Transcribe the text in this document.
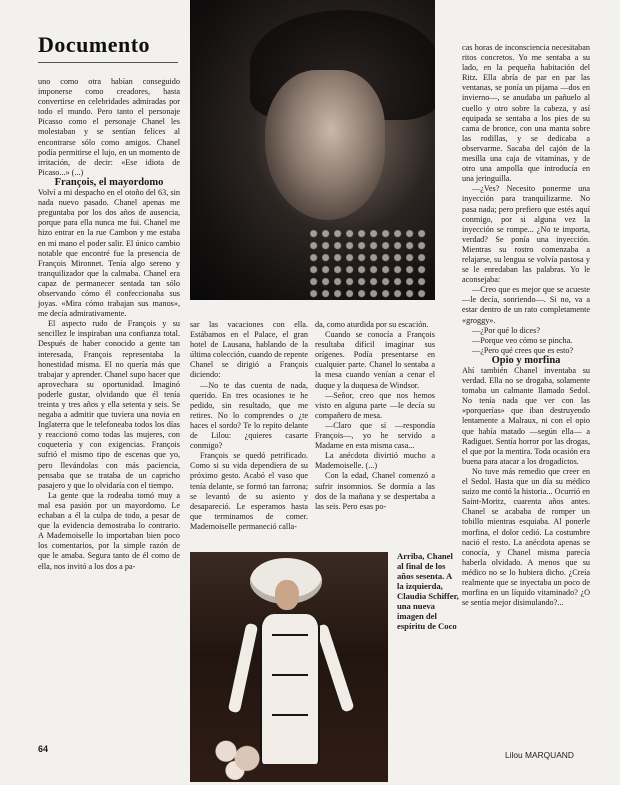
Documento

uno como otra habían conseguido imponerse como creadores, hasta convertirse en celebridades admiradas por todo el mundo. Pero tanto el personaje Picasso como el personaje Chanel les molestaban y se sentían felices al encontrarse sólo como amigos. Chanel podía permitirse el lujo, en un momento de irritación, de decir: «Ese idiota de Picaso...» (...)

François, el mayordomo

Volví a mi despacho en el otoño del 63, sin nada nuevo pasado. Chanel apenas me preguntaba por los dos años de ausencia, porque para ella nunca me fui. Chanel me hizo entrar en la rue Cambon y me estaba en mi mano el poder salir. El único cambio notable que encontré fue la presencia de François Mironnet. Tenía algo sereno y tranquilizador que la calmaba. Chanel era capaz de permanecer sentada tan sólo observando cómo él confeccionaba sus joyas. «Mira cómo trabajan sus manos», me decía admirativamente.

El aspecto rudo de François y su sencillez le inspiraban una confianza total. Después de haber conocido a gente tan interesada, François representaba la honestidad misma. El no quería más que trabajar y aprender. Chanel supo hacer que aprovechara su oportunidad. Imaginó poderle gustar, olvidando que él tenía treinta y tres años y ella setenta y seis. Se negaba a admitir que tuviera una novia en Inglaterra que le telefoneaba todos los días y reaccionó como todas las mujeres, con coquetería y con exigencias. François sufrió el mismo tipo de escenas que yo, pero llevándolas con más paciencia, pensaba que se trataba de un capricho pasajero y que lo olvidaría con el tiempo.

La gente que la rodeaba tomó muy a mal esa pasión por un mayordomo. Le echaban a él la culpa de todo, a pesar de que la evidencia demostraba lo contrario. A Mademoiselle lo importaban bien poco los comentarios, por la simple razón de que le amaba. Segura tanto de él como de ella, nos invitó a los dos a pa-

sar las vacaciones con ella. Estábamos en el Palace, el gran hotel de Lausana, hablando de la última colección, cuando de repente Chanel se dirigió a François diciendo:

—No te das cuenta de nada, querido. En tres ocasiones te he pedido, sin resultado, que me retires. No lo comprendes o ¿te haces el sordo? Te lo repito delante de Lilou: ¿quieres casarte conmigo?

François se quedó petrificado. Como si su vida dependiera de su próximo gesto. Acabó el vaso que tenía delante, se formó tan farrona; se levantó de su asiento y desapareció. Le esperamos hasta que terminamos de comer. Mademoiselle permaneció calla-

da, como aturdida por su escación.

Cuando se conocía a François resultaba difícil imaginar sus orígenes. Podía presentarse en cualquier parte. Chanel lo sentaba a la mesa cuando venían a cenar el duque y la duquesa de Windsor.

—Señor, creo que nos hemos visto en alguna parte —le decía su compañero de mesa.

—Claro que sí —respondía François—, yo he servido a Madame en esta misma casa...

La anécdota divirtió mucho a Mademoiselle. (...)

Con la edad, Chanel comenzó a sufrir insomnios. Se dormía a las dos de la mañana y se despertaba a las seis. Pero esas po-

cas horas de inconsciencia necesitaban ritos concretos. Yo me sentaba a su lado, en la pequeña habitación del Ritz. Ella abría de par en par las ventanas, se ponía un pijama —dos en invierno—, se anudaba un pañuelo al cuello y otro sobre la cabeza, y así equipada se sentaba a los pies de su cama de bronce, con una manta sobre las rodillas, y se dedicaba a observarme. Sacaba del cajón de la mesilla una caja de vitaminas, y de otro una ampolla que introducía en una jeringuilla.

—¿Ves? Necesito ponerme una inyección para tranquilizarme. No pasa nada; pero prefiero que estés aquí conmigo, por si alguna vez la inyección se rompe... ¿No te importa, verdad? Se ponía una inyección. Mientras su rostro comenzaba a relajarse, su lengua se volvía pastosa y se le enredaban las palabras. Yo le aconsejaba:

—Creo que es mejor que se acueste —le decía, sonriendo—. Si no, va a estar dentro de un rato completamente «groggy».

—¿Por qué lo dices?

—Porque veo cómo se pincha.

—¿Pero qué crees que es esto?

Opio y morfina

Ahí también Chanel inventaba su verdad. Ella no se drogaba, solamente tomaba un calmante llamado Sedol. No tenía nada que ver con las «porquerías» que iban destruyendo lentamente a Malraux, ni con el opio que había matado —según ella— a Radiguet. Sentía horror por las drogas, el que por la mentira. Toda ocasión era buena para atacar a los drogadictos.

No tuve más remedio que creer en el Sedol. Hasta que un día su médico suizo me contó la historia... Ocurrió en Saint-Moritz, cuarenta años antes. Chanel se acababa de romper un tobillo mientras esquiaba. Al ponerle morfina, el dolor cedió. La costumbre nació el resto. La anécdota apenas se conocía, y Chanel misma parecía haberla olvidado. A menos que su médico no se lo hubiera dicho. ¿Creía realmente que se inyectaba un poco de morfina en un líquido vitaminado? ¿O se sentía mejor disimulando?...

Arriba, Chanel al final de los años sesenta. A la izquierda, Claudia Schiffer, una nueva imagen del espíritu de Coco
Lilou MARQUAND
64
